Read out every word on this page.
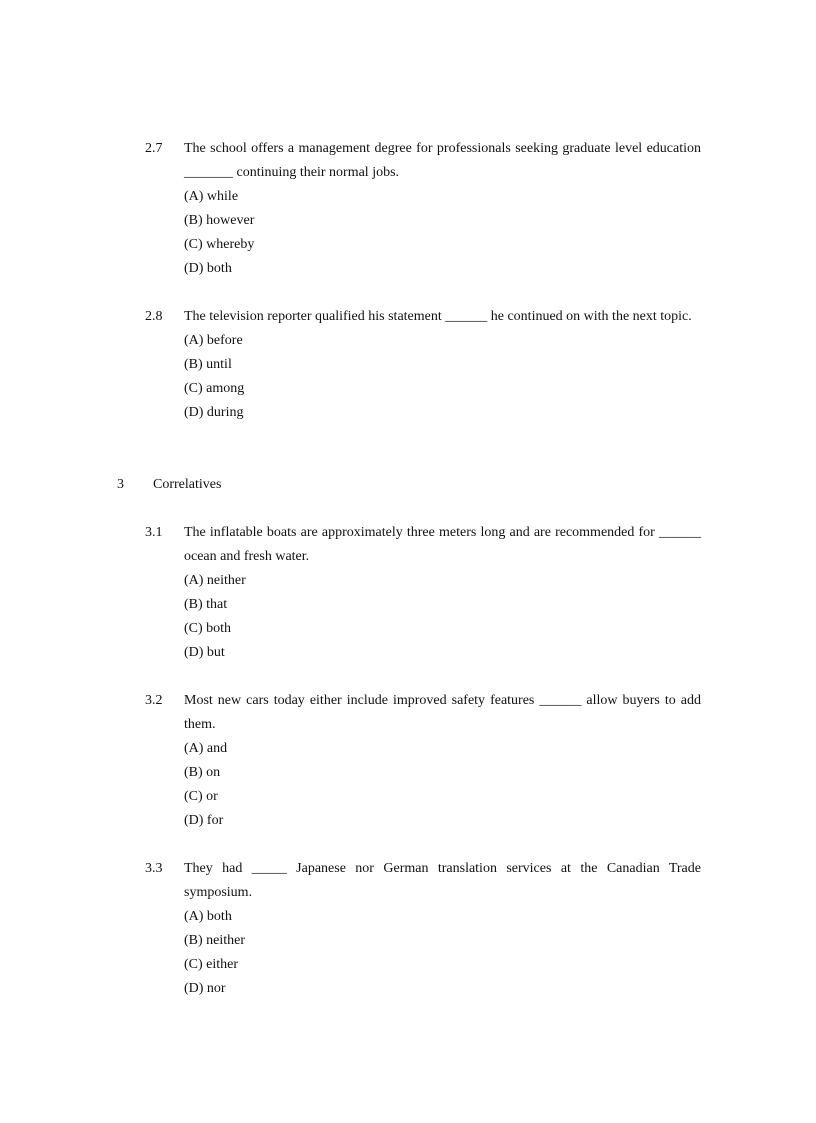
2.7 The school offers a management degree for professionals seeking graduate level education _______ continuing their normal jobs.
(A) while
(B) however
(C) whereby
(D) both
2.8 The television reporter qualified his statement ______ he continued on with the next topic.
(A) before
(B) until
(C) among
(D) during
3 Correlatives
3.1 The inflatable boats are approximately three meters long and are recommended for ______ ocean and fresh water.
(A) neither
(B) that
(C) both
(D) but
3.2 Most new cars today either include improved safety features ______ allow buyers to add them.
(A) and
(B) on
(C) or
(D) for
3.3 They had _____ Japanese nor German translation services at the Canadian Trade symposium.
(A) both
(B) neither
(C) either
(D) nor
